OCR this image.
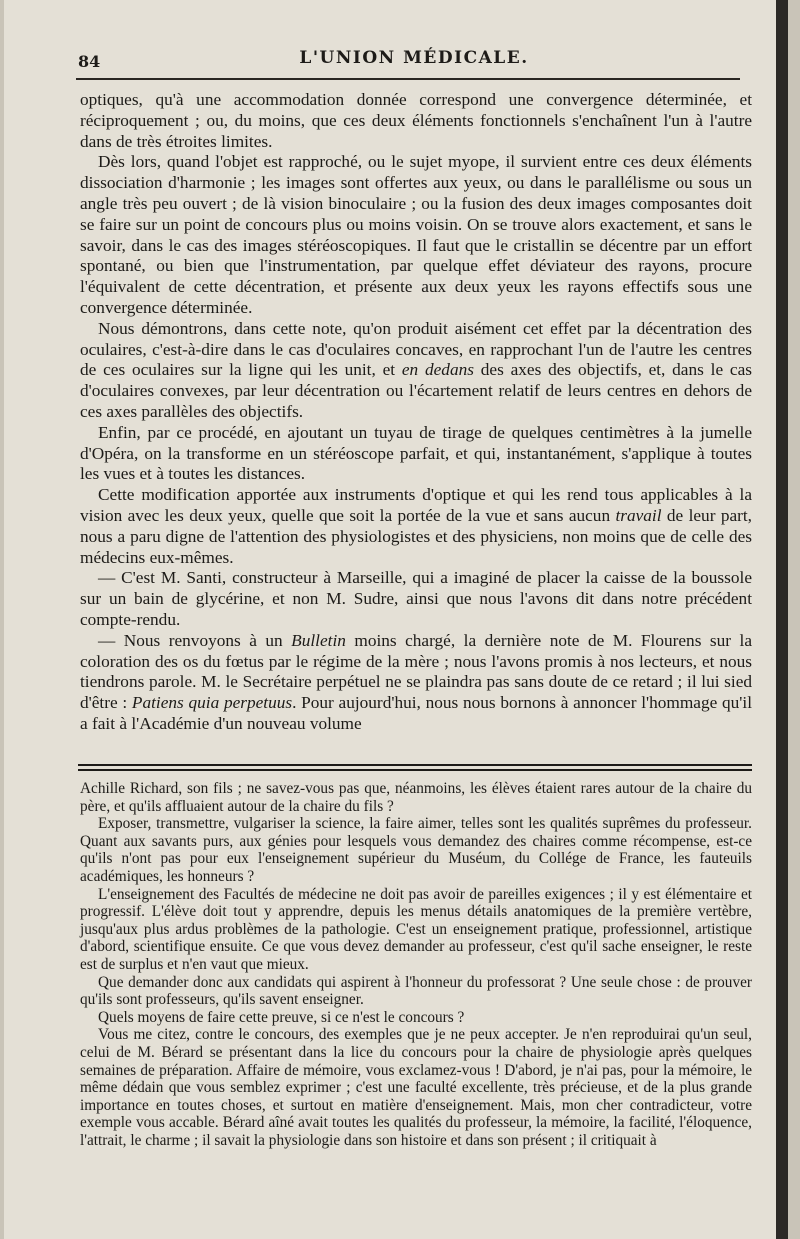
84	L'UNION MÉDICALE.

optiques, qu'à une accommodation donnée correspond une convergence déterminée, et réciproquement ; ou, du moins, que ces deux éléments fonctionnels s'enchaînent l'un à l'autre dans de très étroites limites.

Dès lors, quand l'objet est rapproché, ou le sujet myope, il survient entre ces deux éléments dissociation d'harmonie ; les images sont offertes aux yeux, ou dans le parallélisme ou sous un angle très peu ouvert ; de là vision binoculaire ; ou la fusion des deux images composantes doit se faire sur un point de concours plus ou moins voisin. On se trouve alors exactement, et sans le savoir, dans le cas des images stéréoscopiques. Il faut que le cristallin se décentre par un effort spontané, ou bien que l'instrumentation, par quelque effet déviateur des rayons, procure l'équivalent de cette décentration, et présente aux deux yeux les rayons effectifs sous une convergence déterminée.

Nous démontrons, dans cette note, qu'on produit aisément cet effet par la décentration des oculaires, c'est-à-dire dans le cas d'oculaires concaves, en rapprochant l'un de l'autre les centres de ces oculaires sur la ligne qui les unit, et en dedans des axes des objectifs, et, dans le cas d'oculaires convexes, par leur décentration ou l'écartement relatif de leurs centres en dehors de ces axes parallèles des objectifs.

Enfin, par ce procédé, en ajoutant un tuyau de tirage de quelques centimètres à la jumelle d'Opéra, on la transforme en un stéréoscope parfait, et qui, instantanément, s'applique à toutes les vues et à toutes les distances.

Cette modification apportée aux instruments d'optique et qui les rend tous applicables à la vision avec les deux yeux, quelle que soit la portée de la vue et sans aucun travail de leur part, nous a paru digne de l'attention des physiologistes et des physiciens, non moins que de celle des médecins eux-mêmes.

— C'est M. Santi, constructeur à Marseille, qui a imaginé de placer la caisse de la boussole sur un bain de glycérine, et non M. Sudre, ainsi que nous l'avons dit dans notre précédent compte-rendu.

— Nous renvoyons à un Bulletin moins chargé, la dernière note de M. Flourens sur la coloration des os du fœtus par le régime de la mère ; nous l'avons promis à nos lecteurs, et nous tiendrons parole. M. le Secrétaire perpétuel ne se plaindra pas sans doute de ce retard ; il lui sied d'être : Patiens quia perpetuus. Pour aujourd'hui, nous nous bornons à annoncer l'hommage qu'il a fait à l'Académie d'un nouveau volume

Achille Richard, son fils ; ne savez-vous pas que, néanmoins, les élèves étaient rares autour de la chaire du père, et qu'ils affluaient autour de la chaire du fils ?

Exposer, transmettre, vulgariser la science, la faire aimer, telles sont les qualités suprêmes du professeur. Quant aux savants purs, aux génies pour lesquels vous demandez des chaires comme récompense, est-ce qu'ils n'ont pas pour eux l'enseignement supérieur du Muséum, du Collége de France, les fauteuils académiques, les honneurs ?

L'enseignement des Facultés de médecine ne doit pas avoir de pareilles exigences ; il y est élémentaire et progressif. L'élève doit tout y apprendre, depuis les menus détails anatomiques de la première vertèbre, jusqu'aux plus ardus problèmes de la pathologie. C'est un enseignement pratique, professionnel, artistique d'abord, scientifique ensuite. Ce que vous devez demander au professeur, c'est qu'il sache enseigner, le reste est de surplus et n'en vaut que mieux.

Que demander donc aux candidats qui aspirent à l'honneur du professorat ? Une seule chose : de prouver qu'ils sont professeurs, qu'ils savent enseigner.

Quels moyens de faire cette preuve, si ce n'est le concours ?

Vous me citez, contre le concours, des exemples que je ne peux accepter. Je n'en reproduirai qu'un seul, celui de M. Bérard se présentant dans la lice du concours pour la chaire de physiologie après quelques semaines de préparation. Affaire de mémoire, vous exclamez-vous ! D'abord, je n'ai pas, pour la mémoire, le même dédain que vous semblez exprimer ; c'est une faculté excellente, très précieuse, et de la plus grande importance en toutes choses, et surtout en matière d'enseignement. Mais, mon cher contradicteur, votre exemple vous accable. Bérard aîné avait toutes les qualités du professeur, la mémoire, la facilité, l'éloquence, l'attrait, le charme ; il savait la physiologie dans son histoire et dans son présent ; il critiquait à
